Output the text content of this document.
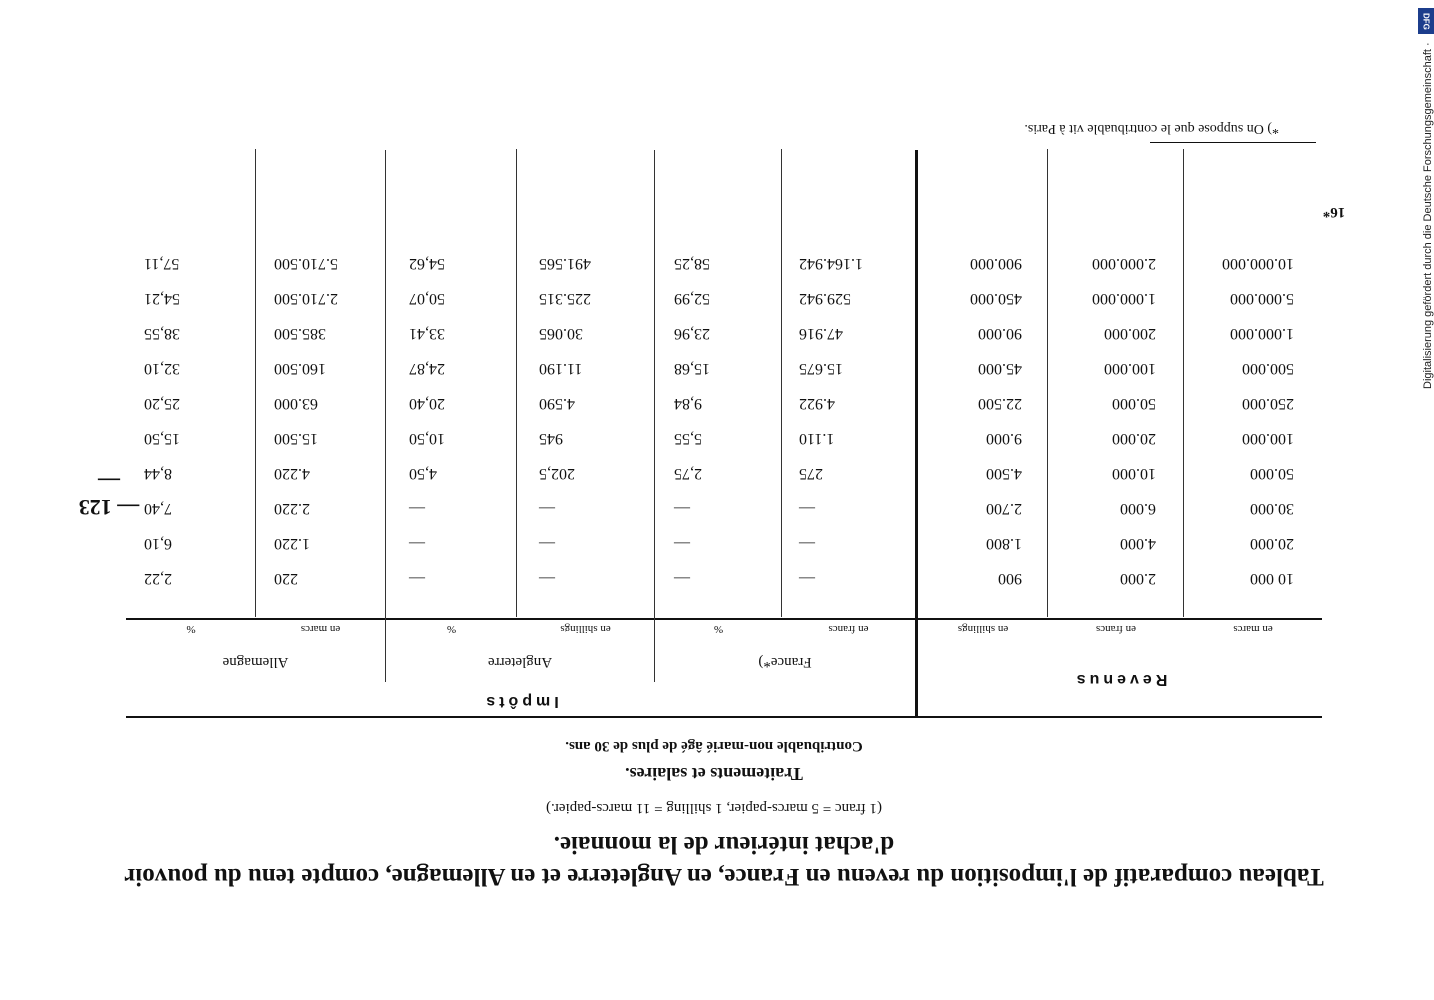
DFG
Digitalisierung gefördert durch die Deutsche Forschungsgemeinschaft ·
— 123 —
16*
Tableau comparatif de l'imposition du revenu en France, en Angleterre et en Allemagne, compte tenu du pouvoir d'achat intérieur de la monnaie.
(1 franc = 5 marcs-papier, 1 shilling = 11 marcs-papier.)
Traitements et salaires.
Contribuable non-marié âgé de plus de 30 ans.
Revenus
Impôts
France*)
Angleterre
Allemagne
en marcs
en francs
en shillings
en francs
%
en shillings
%
en marcs
%
10 000
2.000
900
—
—
—
—
220
2,22
20.000
4.000
1.800
—
—
—
—
1.220
6,10
30.000
6.000
2.700
—
—
—
—
2.220
7,40
50.000
10.000
4.500
275
2,75
202,5
4,50
4.220
8,44
100.000
20.000
9.000
1.110
5,55
945
10,50
15.500
15,50
250.000
50.000
22.500
4.922
9,84
4.590
20,40
63.000
25,20
500.000
100.000
45.000
15.675
15,68
11.190
24,87
160.500
32,10
1.000.000
200.000
90.000
47.916
23,96
30.065
33,41
385.500
38,55
5.000.000
1.000.000
450.000
529.942
52,99
225.315
50,07
2.710.500
54,21
10.000.000
2.000.000
900.000
1.164.942
58,25
491.565
54,62
5.710.500
57,11
*) On suppose que le contribuable vit à Paris.
